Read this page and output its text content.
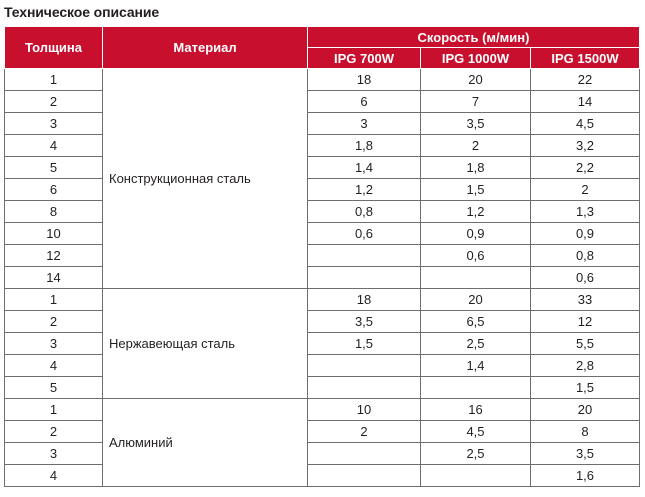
Техническое описание
Толщина	Материал	Скорость (м/мин)		
		IPG 700W	IPG 1000W	IPG 1500W
1	Конструкционная сталь	18	20	22
2		6	7	14
3		3	3,5	4,5
4		1,8	2	3,2
5		1,4	1,8	2,2
6		1,2	1,5	2
8		0,8	1,2	1,3
10		0,6	0,9	0,9
12			0,6	0,8
14				0,6
1	Нержавеющая сталь	18	20	33
2		3,5	6,5	12
3		1,5	2,5	5,5
4			1,4	2,8
5				1,5
1	Алюминий	10	16	20
2		2	4,5	8
3			2,5	3,5
4				1,6
